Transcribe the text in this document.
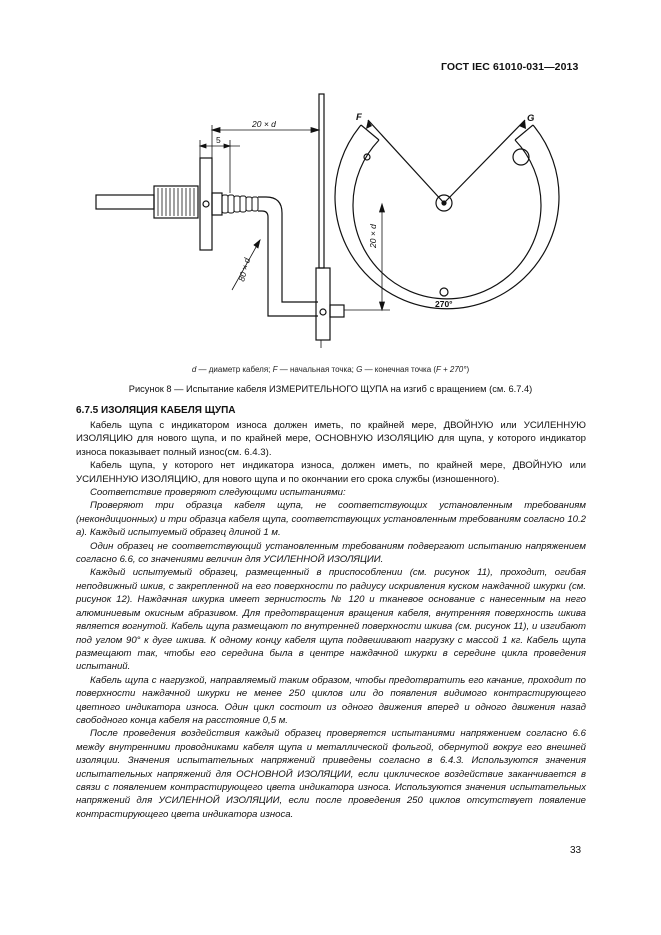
ГОСТ IEC 61010-031—2013
20 × d
5
F	G
20 × d
80 × d
270°
d — диаметр кабеля; F — начальная точка; G — конечная точка (F + 270°)
Рисунок 8 — Испытание кабеля ИЗМЕРИТЕЛЬНОГО ЩУПА на изгиб с вращением (см. 6.7.4)
6.7.5 ИЗОЛЯЦИЯ КАБЕЛЯ ЩУПА

Кабель щупа с индикатором износа должен иметь, по крайней мере, ДВОЙНУЮ или УСИЛЕННУЮ ИЗОЛЯЦИЮ для нового щупа, и по крайней мере, ОСНОВНУЮ ИЗОЛЯЦИЮ для щупа, у которого индикатор износа показывает полный износ(см. 6.4.3).

Кабель щупа, у которого нет индикатора износа, должен иметь, по крайней мере, ДВОЙНУЮ или УСИЛЕННУЮ ИЗОЛЯЦИЮ, для нового щупа и по окончании его срока службы (изношенного).

Соответствие проверяют следующими испытаниями:

Проверяют три образца кабеля щупа, не соответствующих установленным требованиям (некондиционных) и три образца кабеля щупа, соответствующих установленным требованиям согласно 10.2 а). Каждый испытуемый образец длиной 1 м.

Один образец не соответствующий установленным требованиям подвергают испытанию напряжением согласно 6.6, со значениями величин для УСИЛЕННОЙ ИЗОЛЯЦИИ.

Каждый испытуемый образец, размещенный в приспособлении (см. рисунок 11), проходит, огибая неподвижный шкив, с закрепленной на его поверхности по радиусу искривления куском наждачной шкурки (см. рисунок 12). Наждачная шкурка имеет зернистость № 120 и тканевое основание с нанесенным на него алюминиевым окисным абразивом. Для предотвращения вращения кабеля, внутренняя поверхность шкива является вогнутой. Кабель щупа размещают по внутренней поверхности шкива (см. рисунок 11), и изгибают под углом 90° к дуге шкива. К одному концу кабеля щупа подвешивают нагрузку с массой 1 кг. Кабель щупа размещают так, чтобы его середина была в центре наждачной шкурки в середине цикла проведения испытаний.

Кабель щупа с нагрузкой, направляемый таким образом, чтобы предотвратить его качание, проходит по поверхности наждачной шкурки не менее 250 циклов или до появления видимого контрастирующего цветного индикатора износа. Один цикл состоит из одного движения вперед и одного движения назад свободного конца кабеля на расстояние 0,5 м.

После проведения воздействия каждый образец проверяется испытаниями напряжением согласно 6.6 между внутренними проводниками кабеля щупа и металлической фольгой, обернутой вокруг его внешней изоляции. Значения испытательных напряжений приведены согласно в 6.4.3. Используются значения испытательных напряжений для ОСНОВНОЙ ИЗОЛЯЦИИ, если циклическое воздействие заканчивается в связи с появлением контрастирующего цвета индикатора износа. Используются значения испытательных напряжений для УСИЛЕННОЙ ИЗОЛЯЦИИ, если после проведения 250 циклов отсутствует появление контрастирующего цвета индикатора износа.

33
